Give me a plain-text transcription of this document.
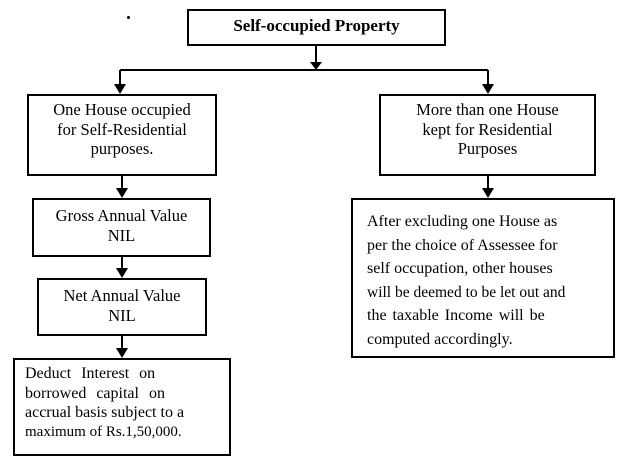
Self-occupied Property
One House occupied
for Self-Residential
purposes.
Gross Annual Value
NIL
Net Annual Value
NIL
Deduct Interest on
borrowed capital on
accrual basis subject to a
maximum of Rs.1,50,000.
More than one House
kept for Residential
Purposes
After excluding one House as
per the choice of Assessee for
self occupation, other houses
will be deemed to be let out and
the taxable Income will be
computed accordingly.
